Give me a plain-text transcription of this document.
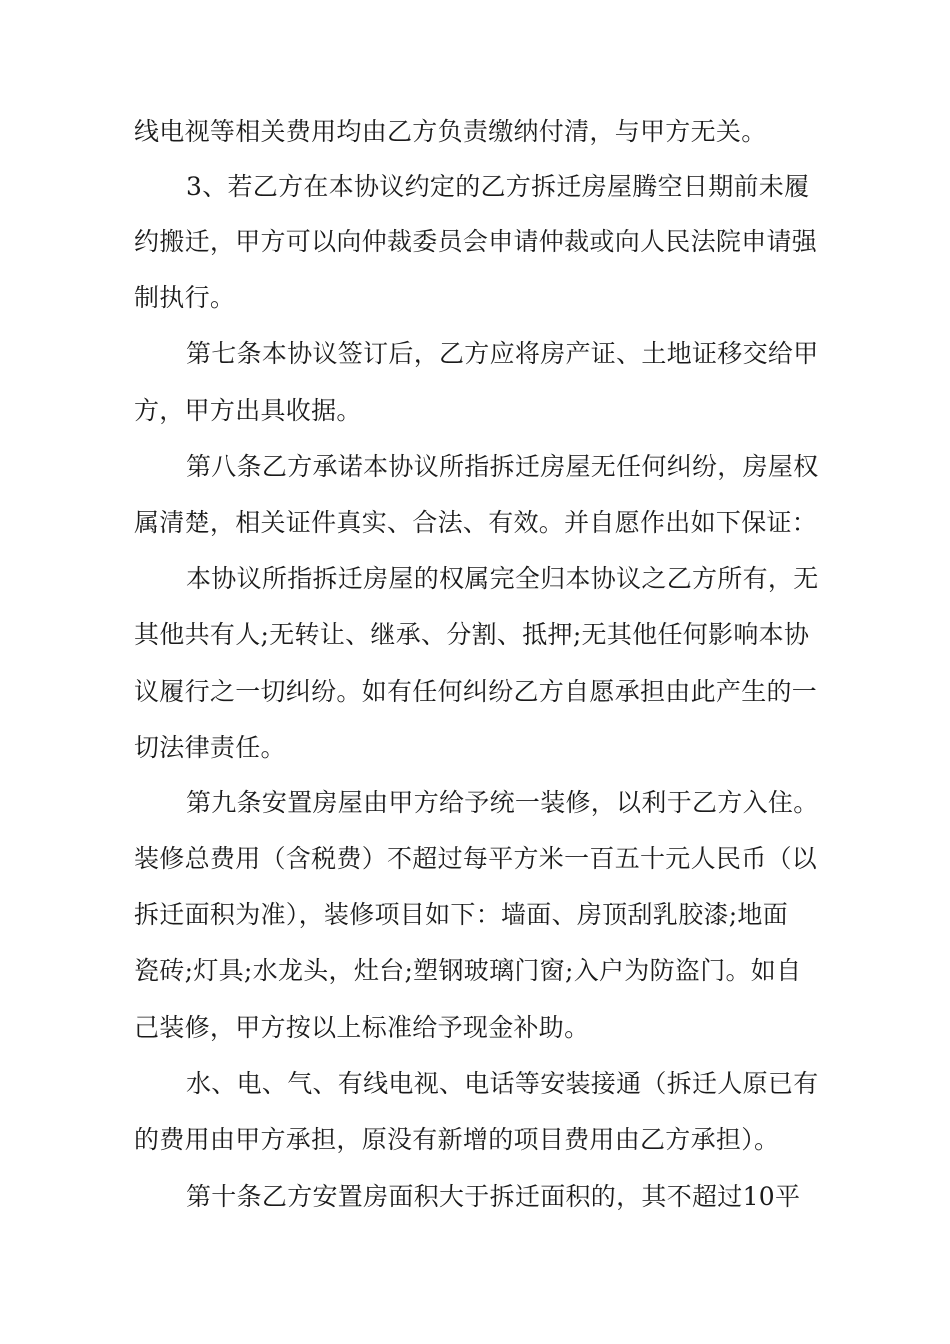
线电视等相关费用均由乙方负责缴纳付清，与甲方无关。
3、若乙方在本协议约定的乙方拆迁房屋腾空日期前未履
约搬迁，甲方可以向仲裁委员会申请仲裁或向人民法院申请强
制执行。
第七条本协议签订后，乙方应将房产证、土地证移交给甲
方，甲方出具收据。
第八条乙方承诺本协议所指拆迁房屋无任何纠纷，房屋权
属清楚，相关证件真实、合法、有效。并自愿作出如下保证：
本协议所指拆迁房屋的权属完全归本协议之乙方所有，无
其他共有人;无转让、继承、分割、抵押;无其他任何影响本协
议履行之一切纠纷。如有任何纠纷乙方自愿承担由此产生的一
切法律责任。
第九条安置房屋由甲方给予统一装修，以利于乙方入住。
装修总费用（含税费）不超过每平方米一百五十元人民币（以
拆迁面积为准），装修项目如下：墙面、房顶刮乳胶漆;地面
瓷砖;灯具;水龙头，灶台;塑钢玻璃门窗;入户为防盗门。如自
己装修，甲方按以上标准给予现金补助。
水、电、气、有线电视、电话等安装接通（拆迁人原已有
的费用由甲方承担，原没有新增的项目费用由乙方承担）。
第十条乙方安置房面积大于拆迁面积的，其不超过10平
